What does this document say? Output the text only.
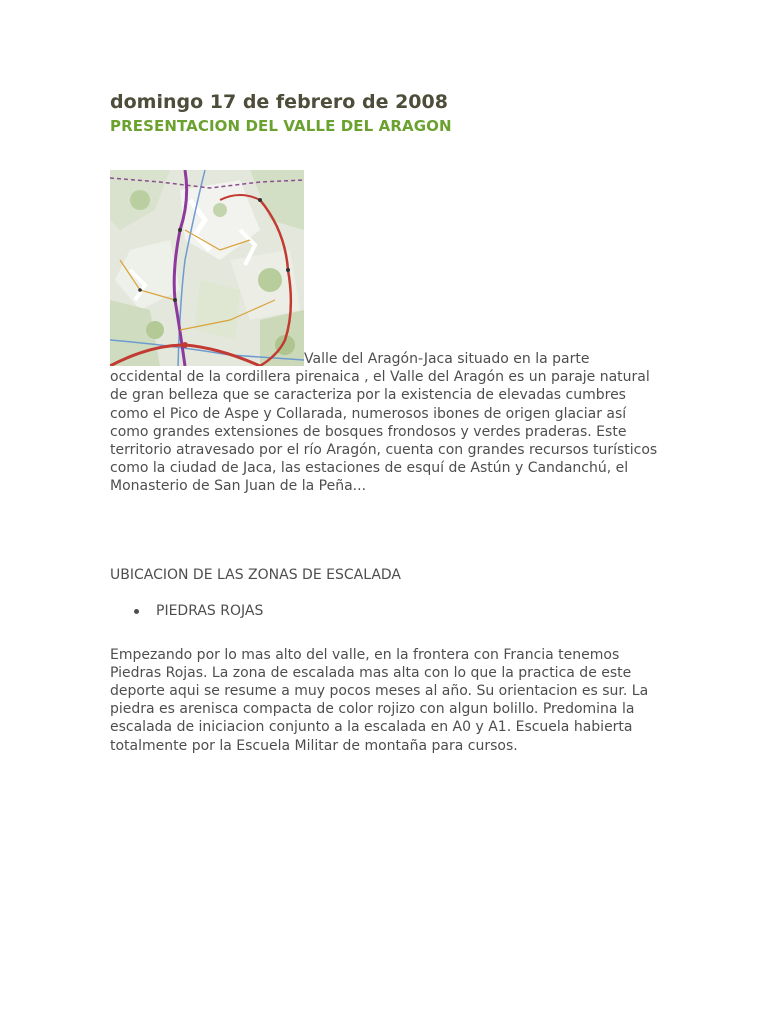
domingo 17 de febrero de 2008
PRESENTACION DEL VALLE DEL ARAGON
Valle del Aragón-Jaca situado en la parte occidental de la cordillera pirenaica , el Valle del Aragón es un paraje natural de gran belleza que se caracteriza por la existencia de elevadas cumbres como el Pico de Aspe y Collarada, numerosos ibones de origen glaciar así como grandes extensiones de bosques frondosos y verdes praderas. Este territorio atravesado por el río Aragón, cuenta con grandes recursos turísticos como la ciudad de Jaca, las estaciones de esquí de Astún y Candanchú, el Monasterio de San Juan de la Peña...
UBICACION DE LAS ZONAS DE ESCALADA
PIEDRAS ROJAS
Empezando por lo mas alto del valle, en la frontera con Francia tenemos Piedras Rojas. La zona de escalada mas alta con lo que la practica de este deporte aqui se resume a muy pocos meses al año. Su orientacion es sur. La piedra es arenisca compacta de color rojizo con algun bolillo. Predomina la escalada de iniciacion conjunto a la escalada en A0 y A1. Escuela habierta totalmente por la Escuela Militar de montaña para cursos.
